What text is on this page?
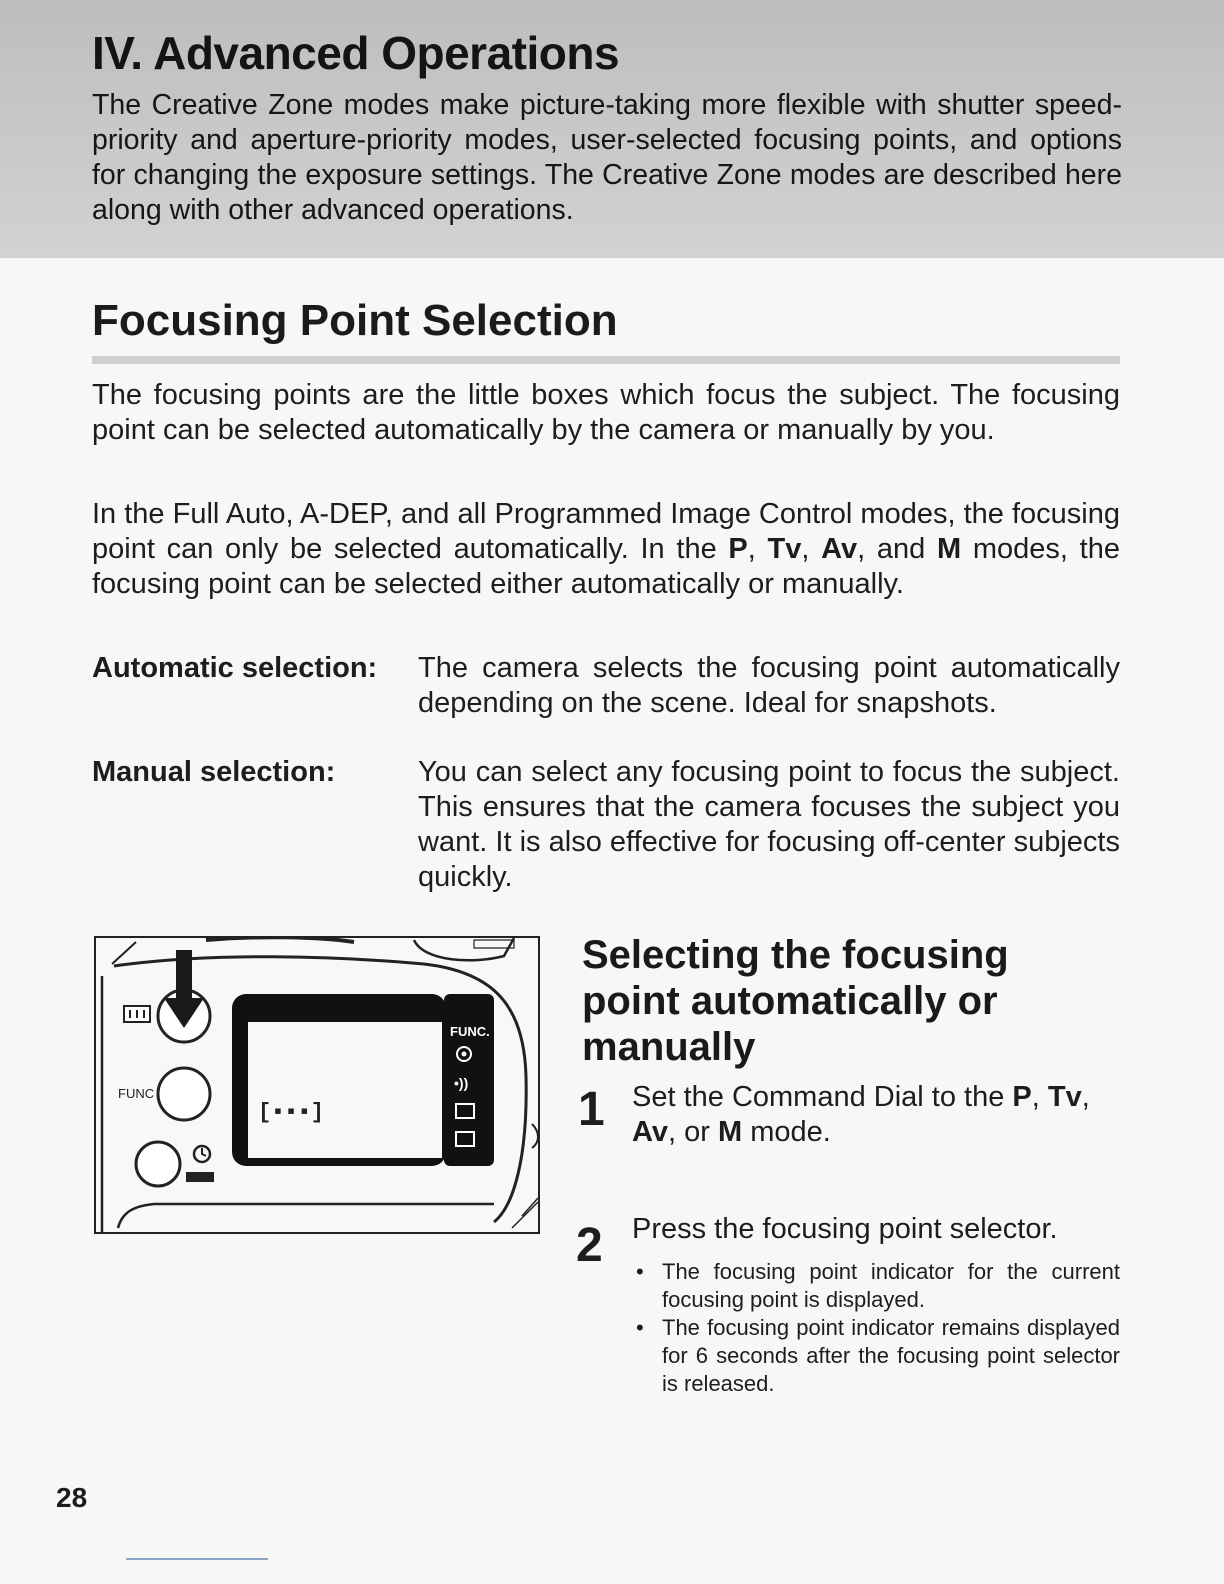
IV. Advanced Operations
The Creative Zone modes make picture-taking more flexible with shutter speed-priority and aperture-priority modes, user-selected focusing points, and options for changing the exposure settings. The Creative Zone modes are described here along with other advanced operations.
Focusing Point Selection
The focusing points are the little boxes which focus the subject. The focusing point can be selected automatically by the camera or manually by you.
In the Full Auto, A-DEP, and all Programmed Image Control modes, the focusing point can only be selected automatically. In the P, Tv, Av, and M modes, the focusing point can be selected either automatically or manually.
Automatic selection: The camera selects the focusing point automatically depending on the scene. Ideal for snapshots.
Manual selection:	You can select any focusing point to focus the subject. This ensures that the camera focuses the subject you want. It is also effective for focusing off-center subjects quickly.
FUNC
FUNC.
•))
[▪▪▪]
Selecting the focusing point automatically or manually
1 Set the Command Dial to the P, Tv, Av, or M mode.
2 Press the focusing point selector.
• The focusing point indicator for the current focusing point is displayed.
• The focusing point indicator remains displayed for 6 seconds after the focusing point selector is released.
28
